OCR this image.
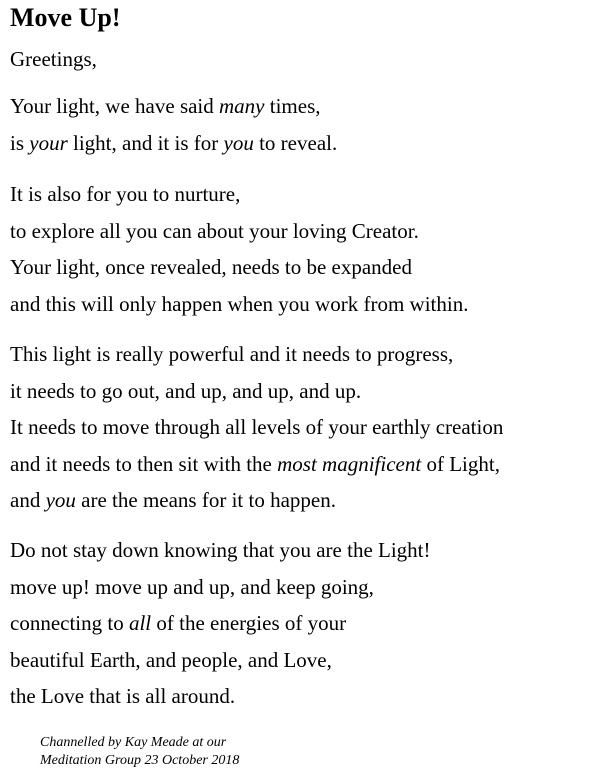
Move Up!

Greetings,

Your light, we have said many times,
is your light, and it is for you to reveal.
It is also for you to nurture,
to explore all you can about your loving Creator.
Your light, once revealed, needs to be expanded
and this will only happen when you work from within.
This light is really powerful and it needs to progress,
it needs to go out, and up, and up, and up.
It needs to move through all levels of your earthly creation
and it needs to then sit with the most magnificent of Light,
and you are the means for it to happen.
Do not stay down knowing that you are the Light!
move up! move up and up, and keep going,
connecting to all of the energies of your
beautiful Earth, and people, and Love,
the Love that is all around.

Channelled by Kay Meade at our
Meditation Group 23 October 2018
